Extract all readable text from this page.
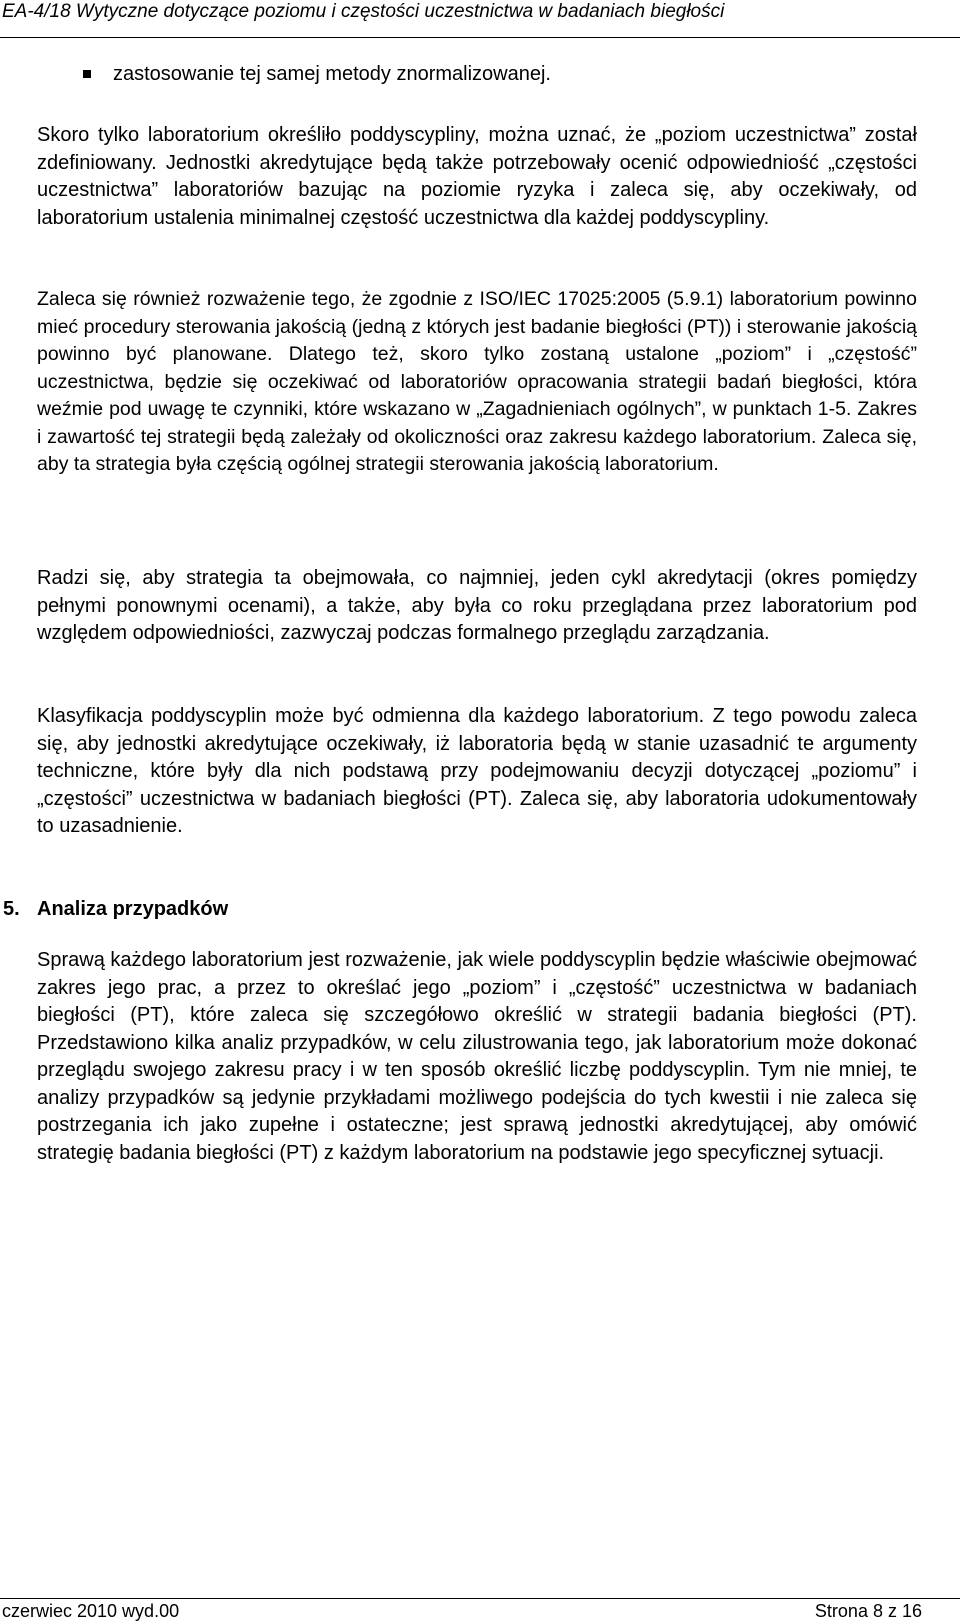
EA-4/18 Wytyczne dotyczące poziomu i częstości uczestnictwa w badaniach biegłości
zastosowanie tej samej metody znormalizowanej.

Skoro tylko laboratorium określiło poddyscypliny, można uznać, że „poziom uczestnictwa” został zdefiniowany. Jednostki akredytujące będą także potrzebowały ocenić odpowiedniość „częstości uczestnictwa” laboratoriów bazując na poziomie ryzyka i zaleca się, aby oczekiwały, od laboratorium ustalenia minimalnej częstość uczestnictwa dla każdej poddyscypliny.

Zaleca się również rozważenie tego, że zgodnie z ISO/IEC 17025:2005 (5.9.1) laboratorium powinno mieć procedury sterowania jakością (jedną z których jest badanie biegłości (PT)) i sterowanie jakością powinno być planowane. Dlatego też, skoro tylko zostaną ustalone „poziom” i „częstość” uczestnictwa, będzie się oczekiwać od laboratoriów opracowania strategii badań biegłości, która weźmie pod uwagę te czynniki, które wskazano w „Zagadnieniach ogólnych”, w punktach 1-5. Zakres i zawartość tej strategii będą zależały od okoliczności oraz zakresu każdego laboratorium. Zaleca się, aby ta strategia była częścią ogólnej strategii sterowania jakością laboratorium.

Radzi się, aby strategia ta obejmowała, co najmniej, jeden cykl akredytacji (okres pomiędzy pełnymi ponownymi ocenami), a także, aby była co roku przeglądana przez laboratorium pod względem odpowiedniości, zazwyczaj podczas formalnego przeglądu zarządzania.

Klasyfikacja poddyscyplin może być odmienna dla każdego laboratorium. Z tego powodu zaleca się, aby jednostki akredytujące oczekiwały, iż laboratoria będą w stanie uzasadnić te argumenty techniczne, które były dla nich podstawą przy podejmowaniu decyzji dotyczącej „poziomu” i „częstości” uczestnictwa w badaniach biegłości (PT). Zaleca się, aby laboratoria udokumentowały to uzasadnienie.

5. Analiza przypadków

Sprawą każdego laboratorium jest rozważenie, jak wiele poddyscyplin będzie właściwie obejmować zakres jego prac, a przez to określać jego „poziom” i „częstość” uczestnictwa w badaniach biegłości (PT), które zaleca się szczegółowo określić w strategii badania biegłości (PT). Przedstawiono kilka analiz przypadków, w celu zilustrowania tego, jak laboratorium może dokonać przeglądu swojego zakresu pracy i w ten sposób określić liczbę poddyscyplin. Tym nie mniej, te analizy przypadków są jedynie przykładami możliwego podejścia do tych kwestii i nie zaleca się postrzegania ich jako zupełne i ostateczne; jest sprawą jednostki akredytującej, aby omówić strategię badania biegłości (PT) z każdym laboratorium na podstawie jego specyficznej sytuacji.

czerwiec 2010 wyd.00	Strona 8 z 16
